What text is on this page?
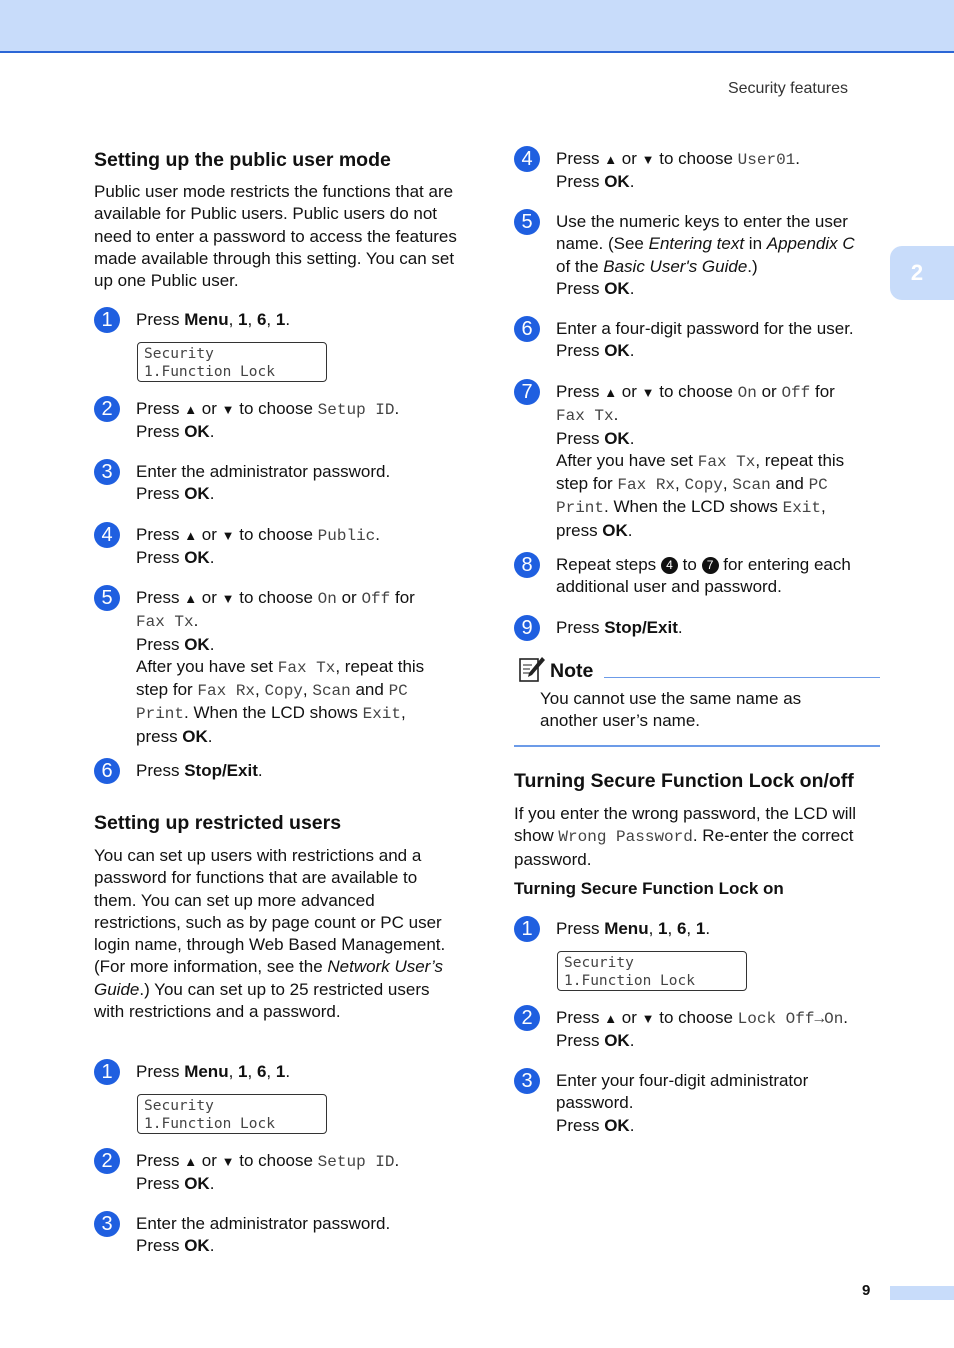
Security features
2
Setting up the public user mode

Public user mode restricts the functions that are available for Public users. Public users do not need to enter a password to access the features made available through this setting. You can set up one Public user.

1	Press Menu, 1, 6, 1.
Security
1.Function Lock
2	Press ▲ or ▼ to choose Setup ID.
Press OK.
3	Enter the administrator password.
Press OK.
4	Press ▲ or ▼ to choose Public.
Press OK.
5	Press ▲ or ▼ to choose On or Off for
Fax Tx.
Press OK.
After you have set Fax Tx, repeat this
step for Fax Rx, Copy, Scan and PC
Print. When the LCD shows Exit,
press OK.
6	Press Stop/Exit.
Setting up restricted users

You can set up users with restrictions and a password for functions that are available to them. You can set up more advanced restrictions, such as by page count or PC user login name, through Web Based Management. (For more information, see the Network User’s Guide.) You can set up to 25 restricted users with restrictions and a password.

1	Press Menu, 1, 6, 1.
Security
1.Function Lock
2	Press ▲ or ▼ to choose Setup ID.
Press OK.
3	Enter the administrator password.
Press OK.
4	Press ▲ or ▼ to choose User01.
Press OK.
5	Use the numeric keys to enter the user
name. (See Entering text in Appendix C
of the Basic User's Guide.)
Press OK.
6	Enter a four-digit password for the user.
Press OK.
7	Press ▲ or ▼ to choose On or Off for
Fax Tx.
Press OK.
After you have set Fax Tx, repeat this
step for Fax Rx, Copy, Scan and PC
Print. When the LCD shows Exit,
press OK.
8	Repeat steps 4 to 7 for entering each
additional user and password.
9	Press Stop/Exit.
Note
You cannot use the same name as another user’s name.
Turning Secure Function Lock on/off

If you enter the wrong password, the LCD will show Wrong Password. Re-enter the correct password.

Turning Secure Function Lock on
1	Press Menu, 1, 6, 1.
Security
1.Function Lock
2	Press ▲ or ▼ to choose Lock Off→On.
Press OK.
3	Enter your four-digit administrator
password.
Press OK.
9
